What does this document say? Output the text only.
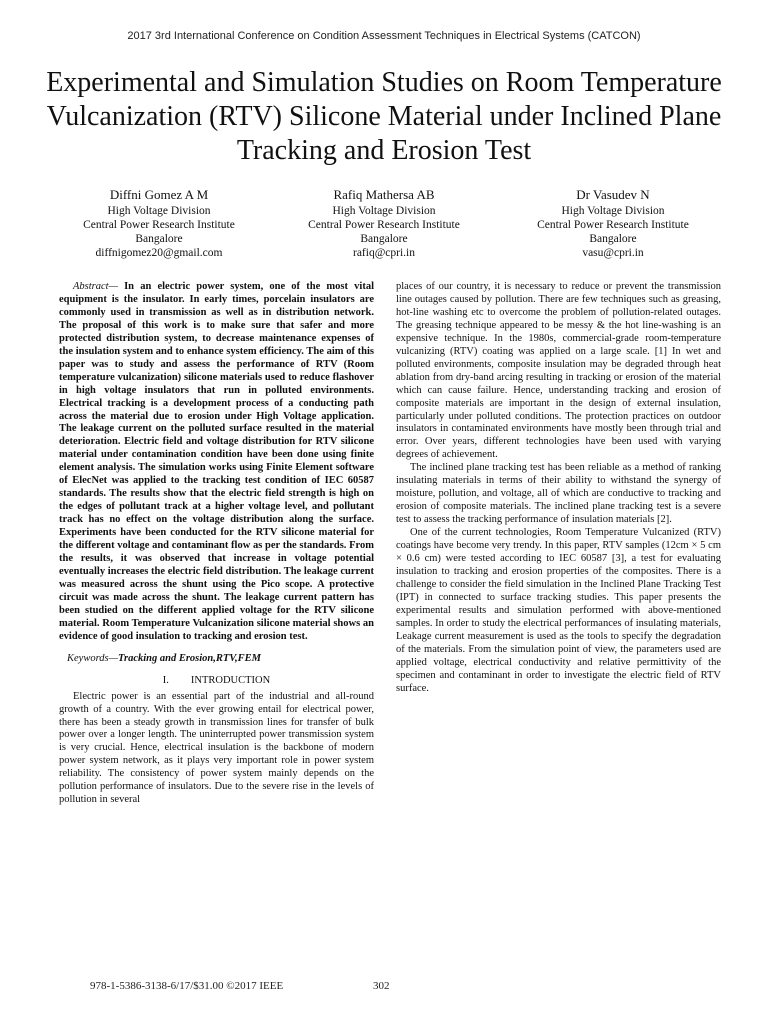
2017 3rd International Conference on Condition Assessment Techniques in Electrical Systems (CATCON)
Experimental and Simulation Studies on Room Temperature Vulcanization (RTV) Silicone Material under Inclined Plane Tracking and Erosion Test
Diffni Gomez A M
High Voltage Division
Central Power Research Institute
Bangalore
diffnigomez20@gmail.com
Rafiq Mathersa AB
High Voltage Division
Central Power Research Institute
Bangalore
rafiq@cpri.in
Dr Vasudev N
High Voltage Division
Central Power Research Institute
Bangalore
vasu@cpri.in

Abstract— In an electric power system, one of the most vital equipment is the insulator. In early times, porcelain insulators are commonly used in transmission as well as in distribution network. The proposal of this work is to make sure that safer and more protected distribution system, to decrease maintenance expenses of the insulation system and to enhance system efficiency. The aim of this paper was to study and assess the performance of RTV (Room temperature vulcanization) silicone materials used to reduce flashover in high voltage insulators that run in polluted environments. Electrical tracking is a development process of a conducting path across the material due to erosion under High Voltage application. The leakage current on the polluted surface resulted in the material deterioration. Electric field and voltage distribution for RTV silicone material under contamination condition have been done using finite element analysis. The simulation works using Finite Element software of ElecNet was applied to the tracking test condition of IEC 60587 standards. The results show that the electric field strength is high on the edges of pollutant track at a higher voltage level, and pollutant track has no effect on the voltage distribution along the surface. Experiments have been conducted for the RTV silicone material for the different voltage and contaminant flow as per the standards. From the results, it was observed that increase in voltage potential eventually increases the electric field distribution. The leakage current was measured across the shunt using the Pico scope. A protective circuit was made across the shunt. The leakage current pattern has been studied on the different applied voltage for the RTV silicone material. Room Temperature Vulcanization silicone material shows an evidence of good insulation to tracking and erosion test.

Keywords—Tracking and Erosion,RTV,FEM

I. INTRODUCTION

Electric power is an essential part of the industrial and all-round growth of a country. With the ever growing entail for electrical power, there has been a steady growth in transmission lines for transfer of bulk power over a longer length. The uninterrupted power transmission system is very crucial. Hence, electrical insulation is the backbone of modern power system network, as it plays very important role in power system reliability. The consistency of power system mainly depends on the pollution performance of insulators. Due to the severe rise in the levels of pollution in several

places of our country, it is necessary to reduce or prevent the transmission line outages caused by pollution. There are few techniques such as greasing, hot-line washing etc to overcome the problem of pollution-related outages. The greasing technique appeared to be messy & the hot line-washing is an expensive technique. In the 1980s, commercial-grade room-temperature vulcanizing (RTV) coating was applied on a large scale. [1] In wet and polluted environments, composite insulation may be degraded through heat ablation from dry-band arcing resulting in tracking or erosion of the material which can cause failure. Hence, understanding tracking and erosion of composite materials are important in the design of external insulation, particularly under polluted conditions. The protection practices on outdoor insulators in contaminated environments have mostly been through trial and error. Over years, different technologies have been used with varying degrees of achievement.

The inclined plane tracking test has been reliable as a method of ranking insulating materials in terms of their ability to withstand the synergy of moisture, pollution, and voltage, all of which are conductive to tracking and erosion of composite materials. The inclined plane tracking test is a severe test to assess the tracking performance of insulation materials [2].

One of the current technologies, Room Temperature Vulcanized (RTV) coatings have become very trendy. In this paper, RTV samples (12cm × 5 cm × 0.6 cm) were tested according to IEC 60587 [3], a test for evaluating insulation to tracking and erosion properties of the composites. There is a challenge to consider the field simulation in the Inclined Plane Tracking Test (IPT) in connected to surface tracking studies. This paper presents the experimental results and simulation performed with above-mentioned samples. In order to study the electrical performances of insulating materials, Leakage current measurement is used as the tools to specify the degradation of the materials. From the simulation point of view, the parameters used are applied voltage, electrical conductivity and relative permittivity of the specimen and contaminant in order to investigate the electric field of RTV surface.

978-1-5386-3138-6/17/$31.00 ©2017 IEEE	302
